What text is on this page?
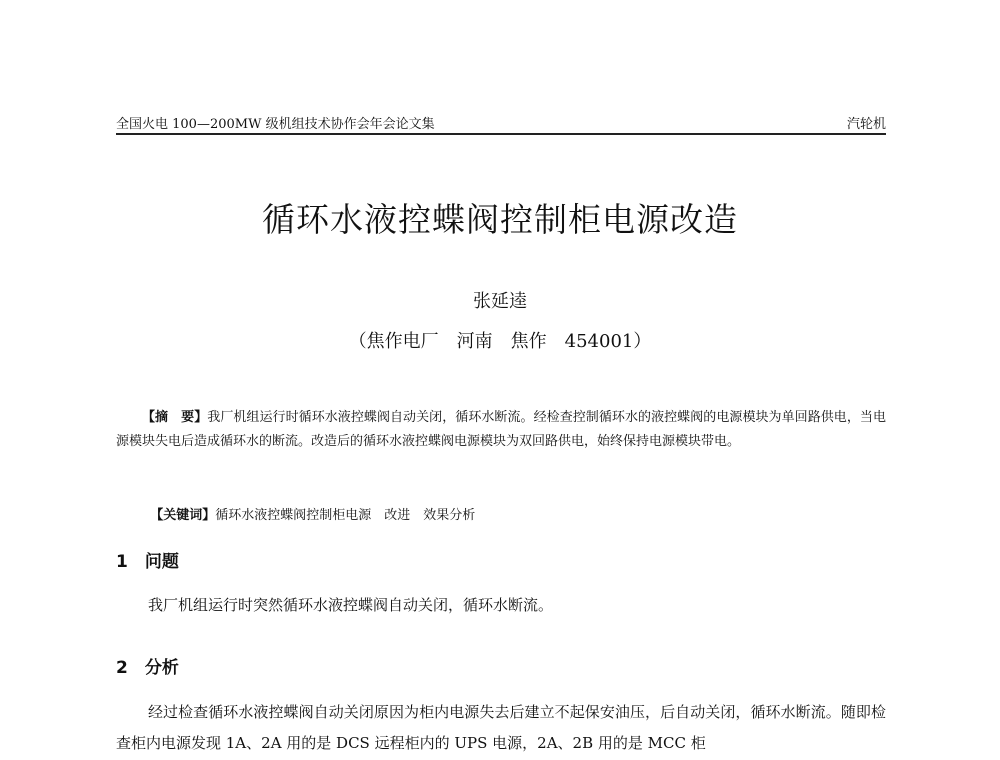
全国火电 100—200MW 级机组技术协作会年会论文集	汽轮机
循环水液控蝶阀控制柜电源改造
张延逵
（焦作电厂　河南　焦作　454001）
【摘　要】我厂机组运行时循环水液控蝶阀自动关闭，循环水断流。经检查控制循环水的液控蝶阀的电源模块为单回路供电，当电源模块失电后造成循环水的断流。改造后的循环水液控蝶阀电源模块为双回路供电，始终保持电源模块带电。

【关键词】循环水液控蝶阀控制柜电源　改进　效果分析

1　问题
我厂机组运行时突然循环水液控蝶阀自动关闭，循环水断流。
2　分析
经过检查循环水液控蝶阀自动关闭原因为柜内电源失去后建立不起保安油压，后自动关闭，循环水断流。随即检查柜内电源发现 1A、2A 用的是 DCS 远程柜内的 UPS 电源，2A、2B 用的是 MCC 柜
